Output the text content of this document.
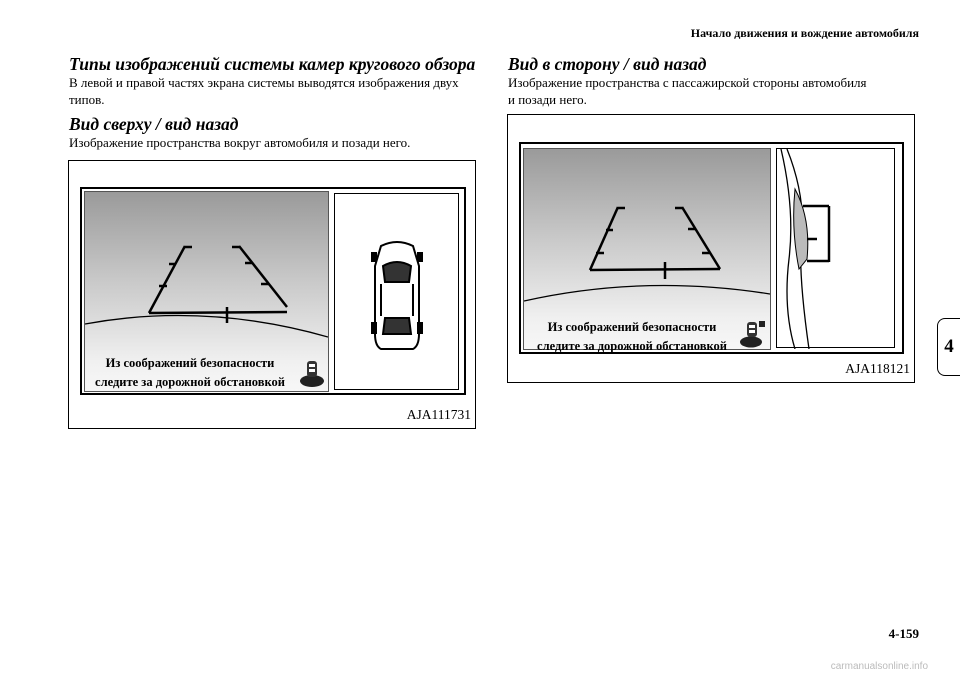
Начало движения и вождение автомобиля
Типы изображений системы камер кругового обзора
В левой и правой частях экрана системы выводятся изображения двух типов.
Вид сверху / вид назад
Изображение пространства вокруг автомобиля и позади него.
Из соображений безопасности
следите за дорожной обстановкой
AJA111731
Вид в сторону / вид назад
Изображение пространства с пассажирской стороны автомобиля
и позади него.
Из соображений безопасности
следите за дорожной обстановкой
AJA118121
4
4-159
carmanualsonline.info
